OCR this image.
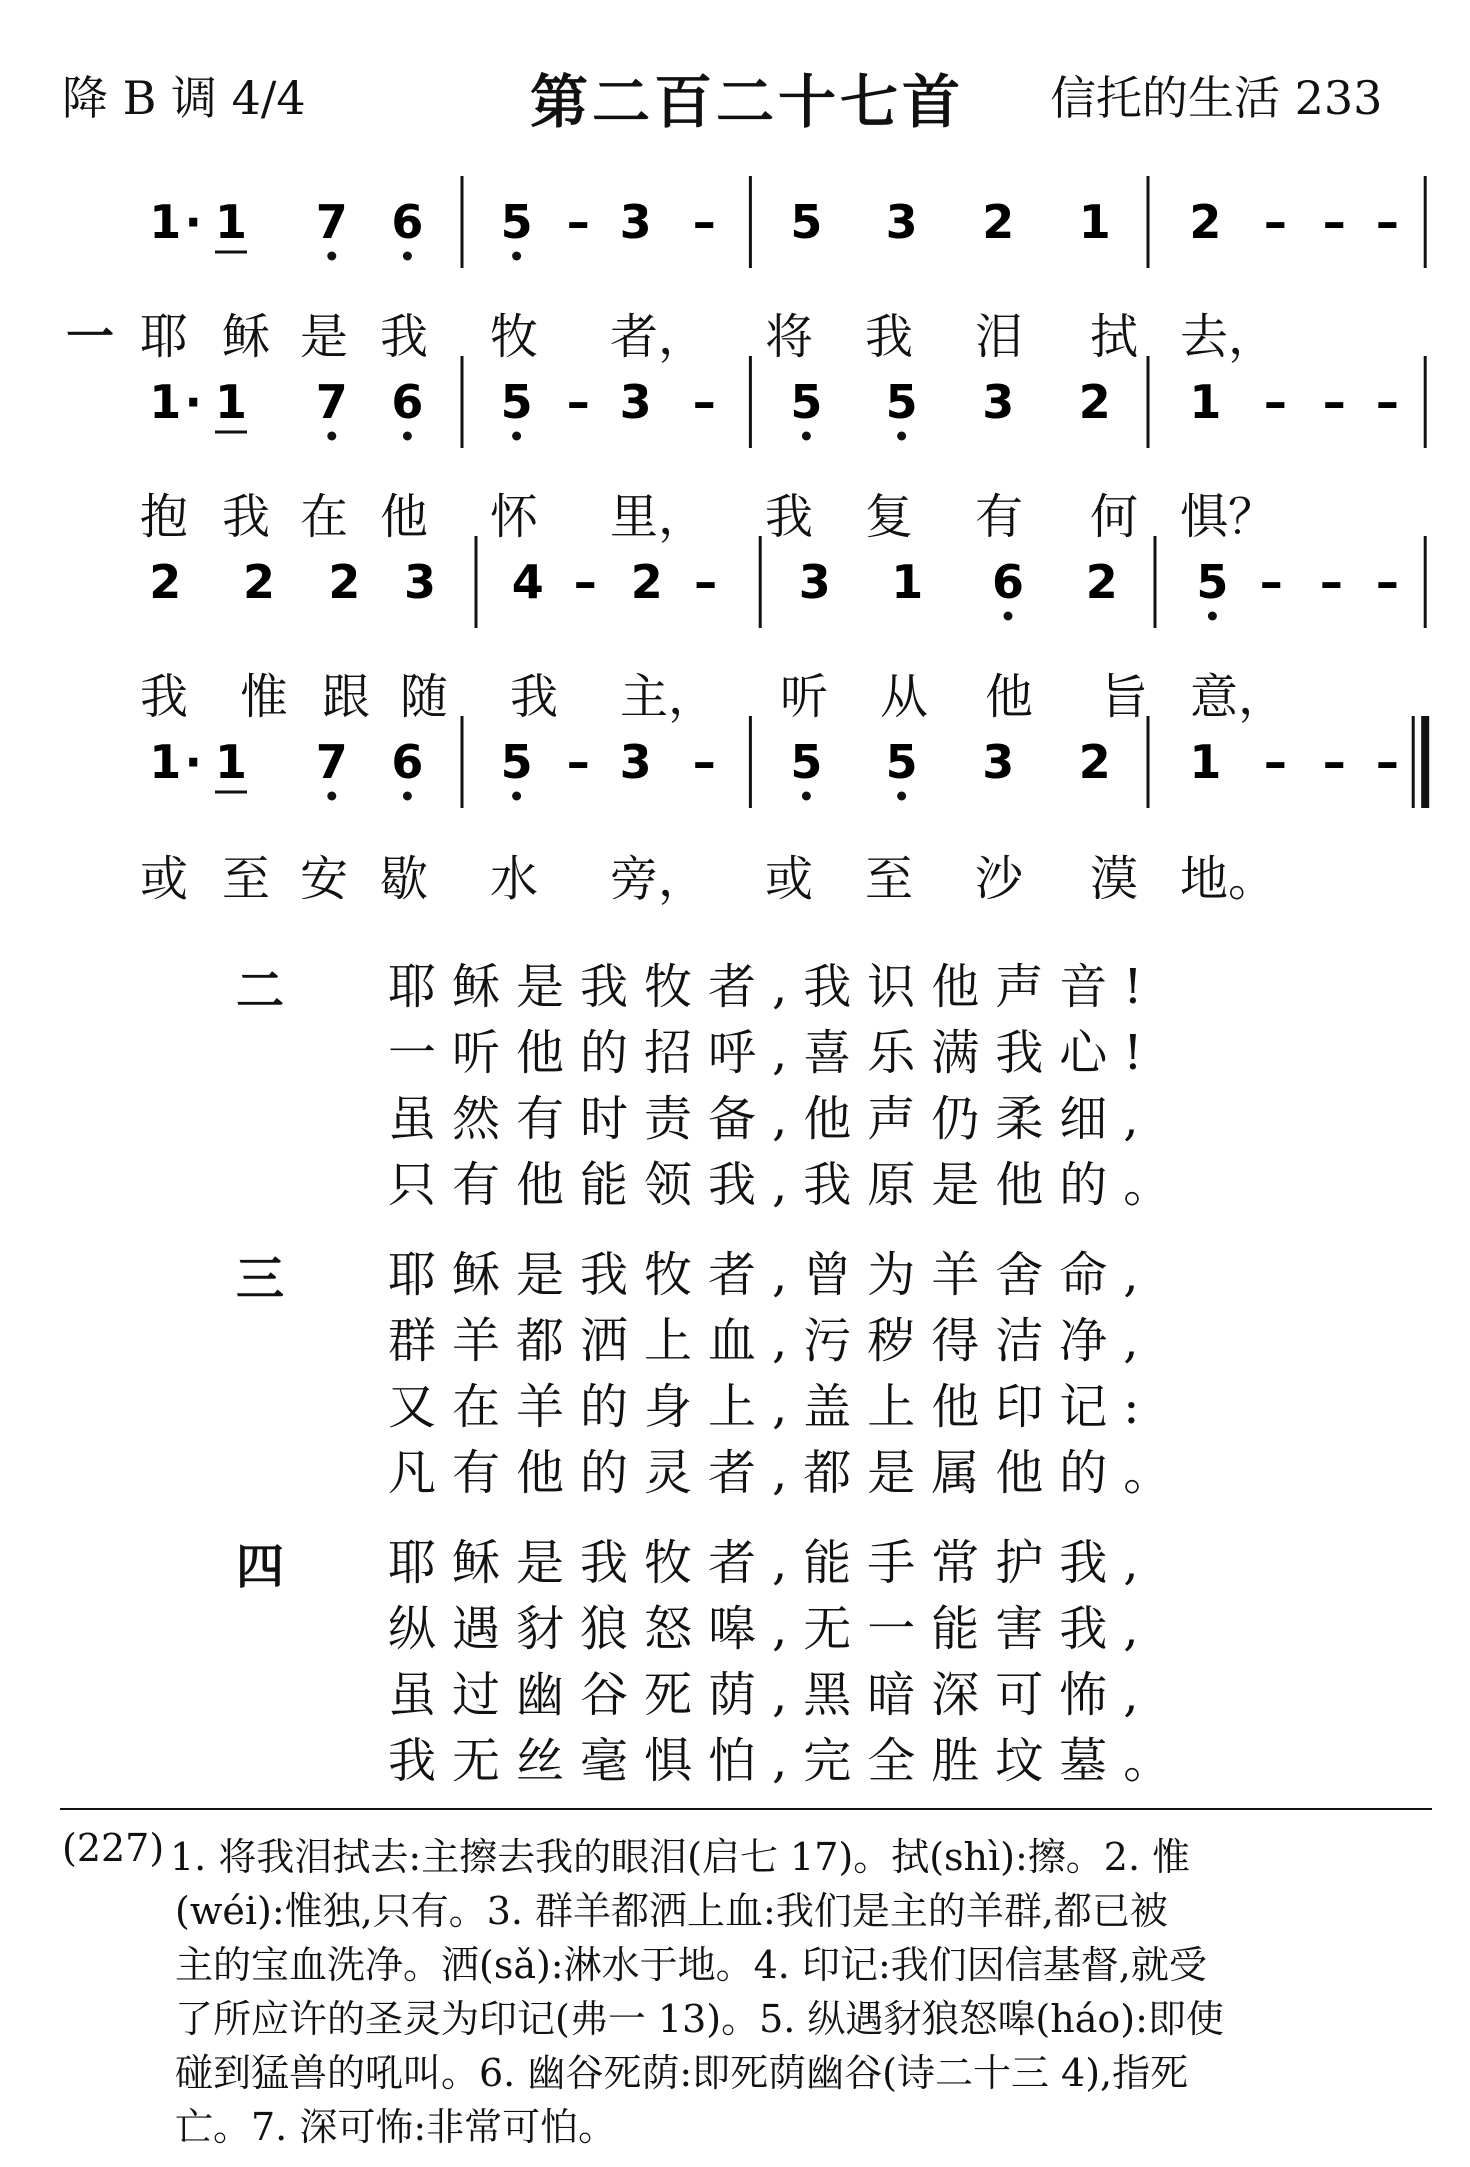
降 B 调 4/4	第二百二十七首 信托的生活 233
1 · 1 7 6 5 – 3 – 5 3 2 1 2 – – –
1 · 1 7 6 5 – 3 – 5 5 3 2 1 – – –
2 2 2 3 4 – 2 – 3 1 6 2 5 – – –
1 · 1 7 6 5 – 3 – 5 5 3 2 1 – – –
一 耶 稣 是 我 牧 者， 将 我 泪 拭 去，
抱 我 在 他 怀 里， 我 复 有 何 惧？
我 惟 跟 随 我 主， 听 从 他 旨 意，
或 至 安 歇 水 旁， 或 至 沙 漠 地。
二 耶稣是我牧者,我识他声音!
一听他的招呼,喜乐满我心!
虽然有时责备,他声仍柔细,
只有他能领我,我原是他的。
三 耶稣是我牧者,曾为羊舍命,
群羊都洒上血,污秽得洁净,
又在羊的身上,盖上他印记:
凡有他的灵者,都是属他的。
四 耶稣是我牧者,能手常护我,
纵遇豺狼怒嗥,无一能害我,
虽过幽谷死荫,黑暗深可怖,
我无丝毫惧怕,完全胜坟墓。
(227) 1. 将我泪拭去:主擦去我的眼泪(启七 17)。拭(shì):擦。2. 惟
(wéi):惟独,只有。3. 群羊都洒上血:我们是主的羊群,都已被
主的宝血洗净。洒(sǎ):淋水于地。4. 印记:我们因信基督,就受
了所应许的圣灵为印记(弗一 13)。5. 纵遇豺狼怒嗥(háo):即使
碰到猛兽的吼叫。6. 幽谷死荫:即死荫幽谷(诗二十三 4),指死
亡。7. 深可怖:非常可怕。
